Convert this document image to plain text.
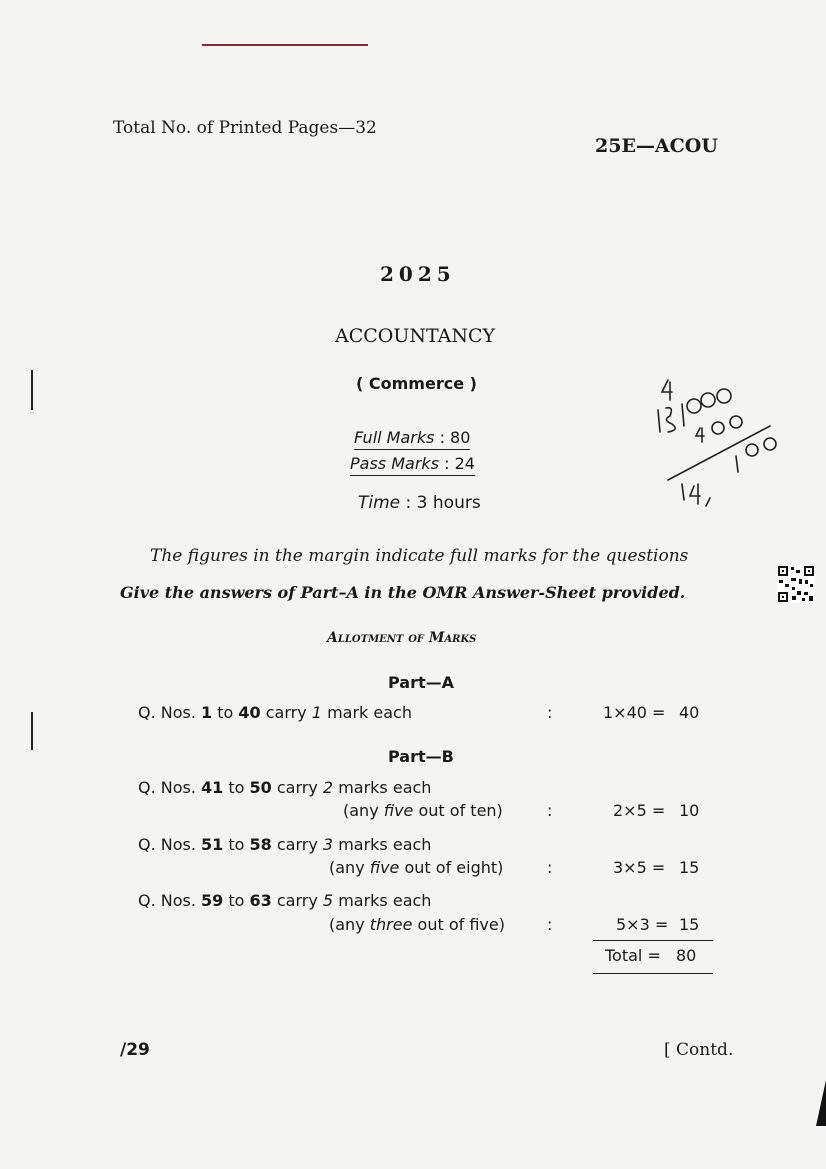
Total No. of Printed Pages—32
25E—ACOU
2025
ACCOUNTANCY
( Commerce )
Full Marks : 80
Pass Marks : 24
Time : 3 hours
The figures in the margin indicate full marks for the questions
Give the answers of Part–A in the OMR Answer-Sheet provided.
Allotment of Marks
Part—A
Q. Nos. 1 to 40 carry 1 mark each	:	1×40 = 40
Part—B
Q. Nos. 41 to 50 carry 2 marks each
(any five out of ten)	:	2×5 = 10
Q. Nos. 51 to 58 carry 3 marks each
(any five out of eight)	:	3×5 = 15
Q. Nos. 59 to 63 carry 5 marks each
(any three out of five)	:	5×3 = 15
Total = 80
/29	[ Contd.
